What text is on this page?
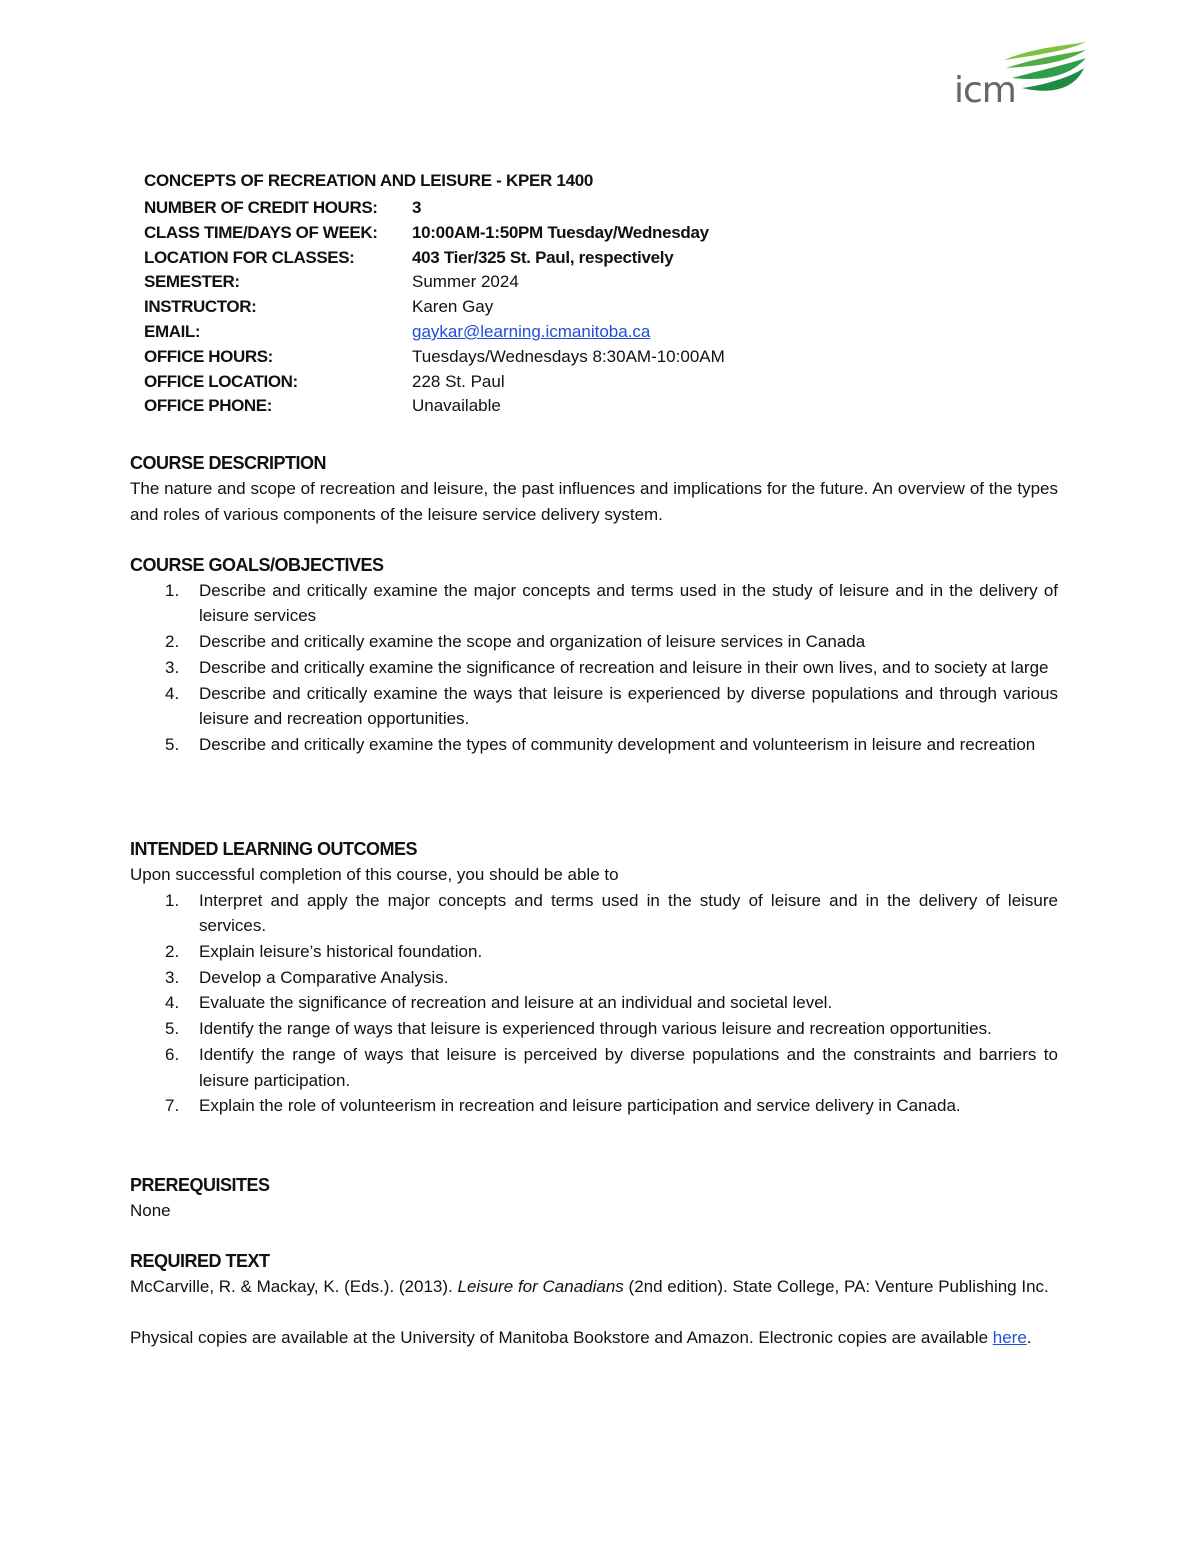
icm
CONCEPTS OF RECREATION AND LEISURE - KPER 1400
NUMBER OF CREDIT HOURS: 3
CLASS TIME/DAYS OF WEEK: 10:00AM-1:50PM Tuesday/Wednesday
LOCATION FOR CLASSES:	403 Tier/325 St. Paul, respectively
SEMESTER:	Summer 2024
INSTRUCTOR:	Karen Gay
EMAIL:	gaykar@learning.icmanitoba.ca
OFFICE HOURS:	Tuesdays/Wednesdays 8:30AM-10:00AM
OFFICE LOCATION:	228 St. Paul
OFFICE PHONE:	Unavailable
COURSE DESCRIPTION
The nature and scope of recreation and leisure, the past influences and implications for the future. An overview of the types and roles of various components of the leisure service delivery system.
COURSE GOALS/OBJECTIVES
1. Describe and critically examine the major concepts and terms used in the study of leisure and in the delivery of leisure services
2. Describe and critically examine the scope and organization of leisure services in Canada
3. Describe and critically examine the significance of recreation and leisure in their own lives, and to society at large
4. Describe and critically examine the ways that leisure is experienced by diverse populations and through various leisure and recreation opportunities.
5. Describe and critically examine the types of community development and volunteerism in leisure and recreation
INTENDED LEARNING OUTCOMES
Upon successful completion of this course, you should be able to
1. Interpret and apply the major concepts and terms used in the study of leisure and in the delivery of leisure services.
2. Explain leisure’s historical foundation.
3. Develop a Comparative Analysis.
4. Evaluate the significance of recreation and leisure at an individual and societal level.
5. Identify the range of ways that leisure is experienced through various leisure and recreation opportunities.
6. Identify the range of ways that leisure is perceived by diverse populations and the constraints and barriers to leisure participation.
7. Explain the role of volunteerism in recreation and leisure participation and service delivery in Canada.
PREREQUISITES
None
REQUIRED TEXT
McCarville, R. & Mackay, K. (Eds.). (2013). Leisure for Canadians (2nd edition). State College, PA: Venture Publishing Inc.
Physical copies are available at the University of Manitoba Bookstore and Amazon. Electronic copies are available here.
